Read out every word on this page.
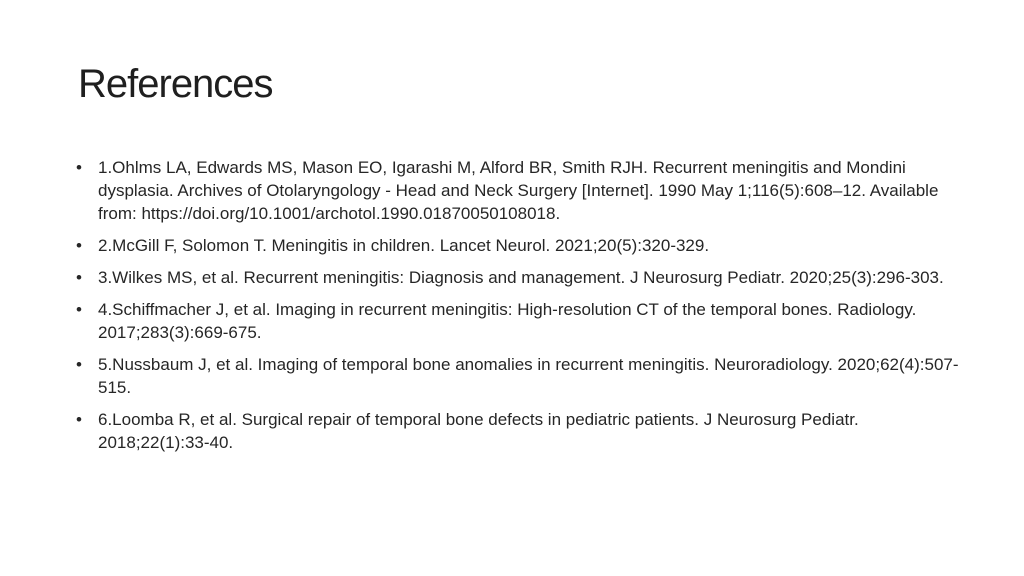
References
• 1.Ohlms LA, Edwards MS, Mason EO, Igarashi M, Alford BR, Smith RJH. Recurrent meningitis and Mondini dysplasia. Archives of Otolaryngology - Head and Neck Surgery [Internet]. 1990 May 1;116(5):608–12. Available from: https://doi.org/10.1001/archotol.1990.01870050108018.
• 2.McGill F, Solomon T. Meningitis in children. Lancet Neurol. 2021;20(5):320-329.
• 3.Wilkes MS, et al. Recurrent meningitis: Diagnosis and management. J Neurosurg Pediatr. 2020;25(3):296-303.
• 4.Schiffmacher J, et al. Imaging in recurrent meningitis: High-resolution CT of the temporal bones. Radiology. 2017;283(3):669-675.
• 5.Nussbaum J, et al. Imaging of temporal bone anomalies in recurrent meningitis. Neuroradiology. 2020;62(4):507-515.
• 6.Loomba R, et al. Surgical repair of temporal bone defects in pediatric patients. J Neurosurg Pediatr. 2018;22(1):33-40.
